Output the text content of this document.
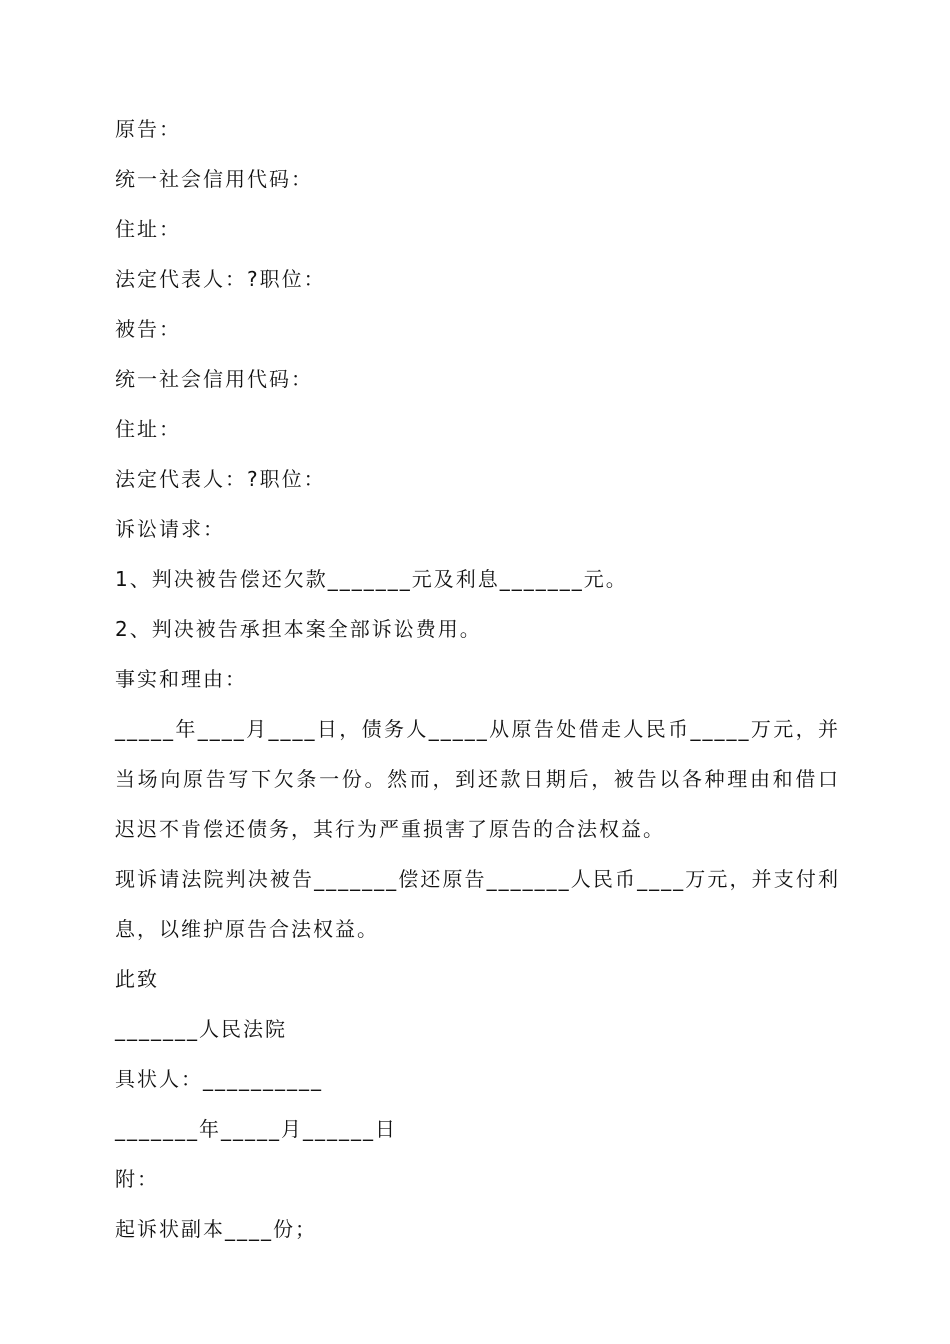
原告：
统一社会信用代码：
住址：
法定代表人：?职位：
被告：
统一社会信用代码：
住址：
法定代表人：?职位：
诉讼请求：
1、判决被告偿还欠款_______元及利息_______元。
2、判决被告承担本案全部诉讼费用。
事实和理由：
_____年____月____日，债务人_____从原告处借走人民币_____万元，并当场向原告写下欠条一份。然而，到还款日期后，被告以各种理由和借口迟迟不肯偿还债务，其行为严重损害了原告的合法权益。
现诉请法院判决被告_______偿还原告_______人民币____万元，并支付利息，以维护原告合法权益。
此致
_______人民法院
具状人：__________
_______年_____月______日
附：
起诉状副本____份；
